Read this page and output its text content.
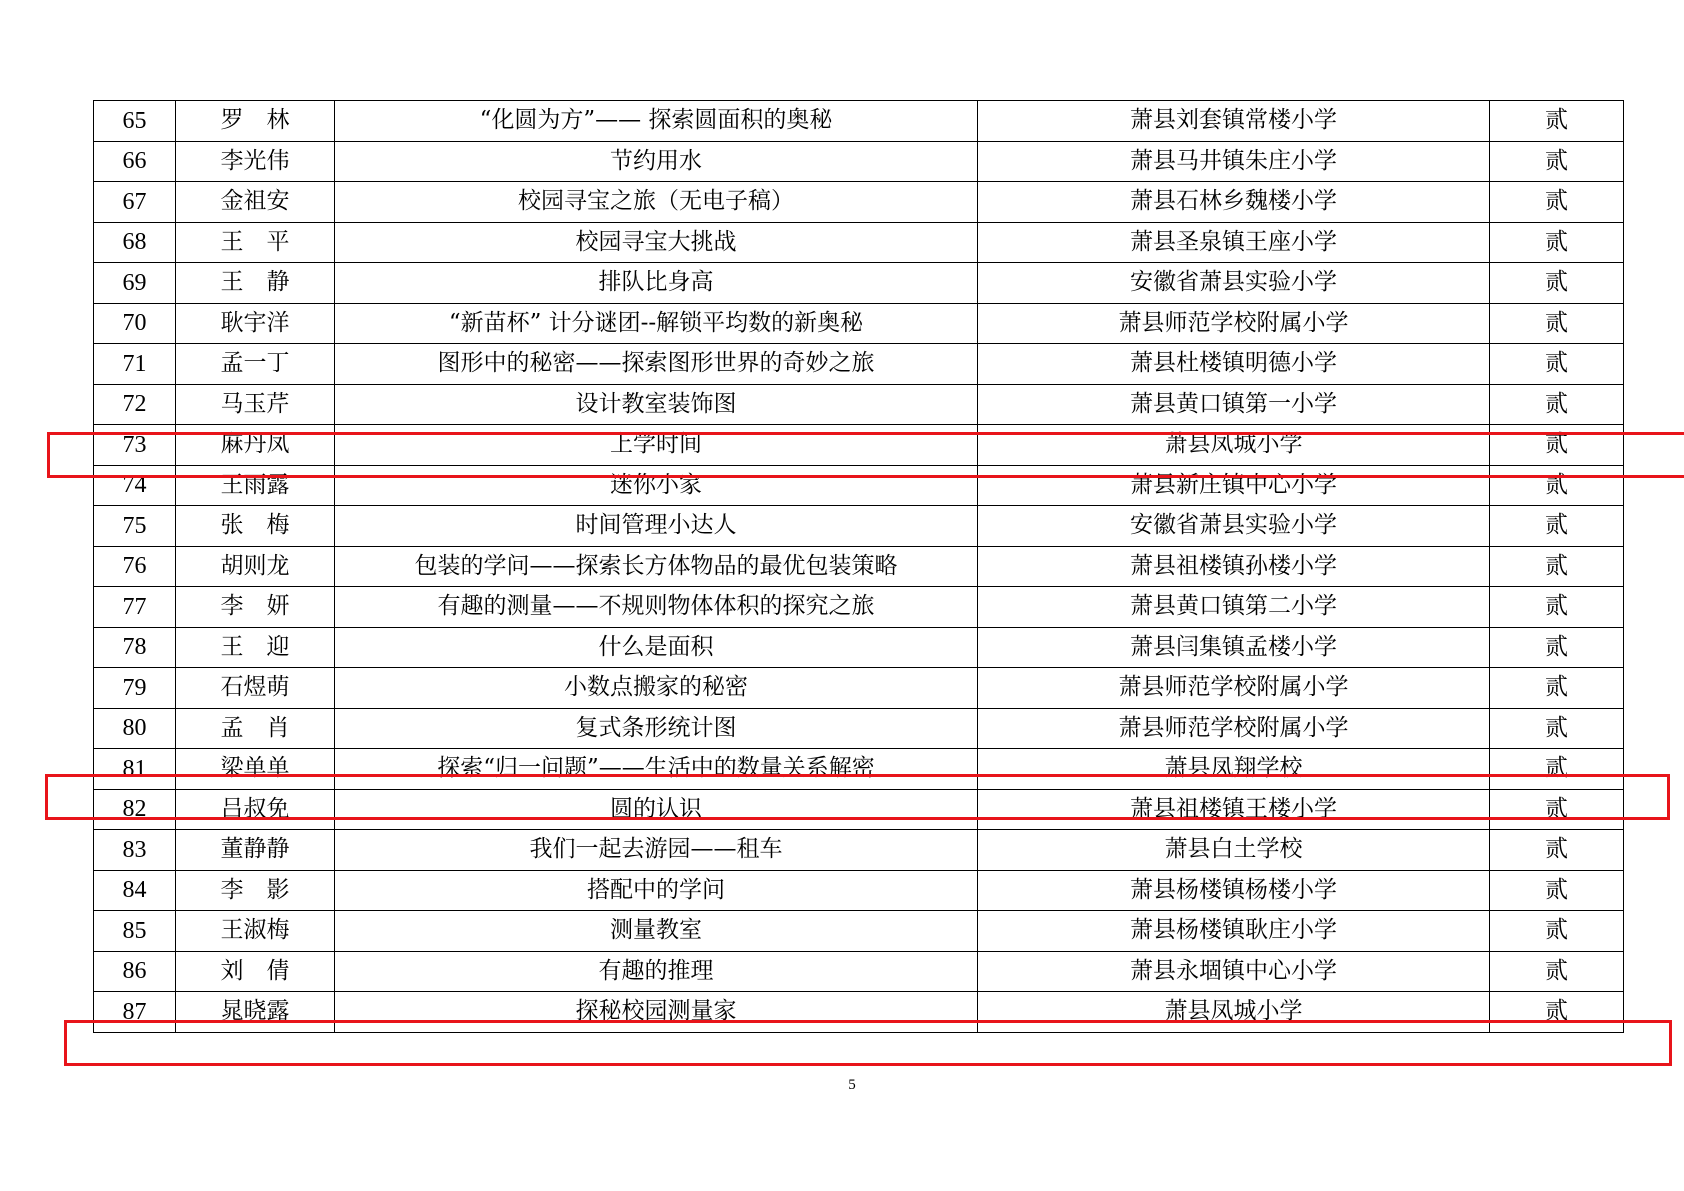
65	罗　林	“化圆为方”—— 探索圆面积的奥秘	萧县刘套镇常楼小学	贰
66	李光伟	节约用水	萧县马井镇朱庄小学	贰
67	金祖安	校园寻宝之旅（无电子稿）	萧县石林乡魏楼小学	贰
68	王　平	校园寻宝大挑战	萧县圣泉镇王座小学	贰
69	王　静	排队比身高	安徽省萧县实验小学	贰
70	耿宇洋	“新苗杯” 计分谜团--解锁平均数的新奥秘	萧县师范学校附属小学	贰
71	孟一丁	图形中的秘密——探索图形世界的奇妙之旅	萧县杜楼镇明德小学	贰
72	马玉芹	设计教室装饰图	萧县黄口镇第一小学	贰
73	麻丹凤	上学时间	萧县凤城小学	贰
74	王雨露	迷你小家	萧县新庄镇中心小学	贰
75	张　梅	时间管理小达人	安徽省萧县实验小学	贰
76	胡则龙	包装的学问——探索长方体物品的最优包装策略	萧县祖楼镇孙楼小学	贰
77	李　妍	有趣的测量——不规则物体体积的探究之旅	萧县黄口镇第二小学	贰
78	王　迎	什么是面积	萧县闫集镇孟楼小学	贰
79	石煜萌	小数点搬家的秘密	萧县师范学校附属小学	贰
80	孟　肖	复式条形统计图	萧县师范学校附属小学	贰
81	梁单单	探索“归一问题”——生活中的数量关系解密	萧县凤翔学校	贰
82	吕叔免	圆的认识	萧县祖楼镇王楼小学	贰
83	董静静	我们一起去游园——租车	萧县白土学校	贰
84	李　影	搭配中的学问	萧县杨楼镇杨楼小学	贰
85	王淑梅	测量教室	萧县杨楼镇耿庄小学	贰
86	刘　倩	有趣的推理	萧县永堌镇中心小学	贰
87	晁晓露	探秘校园测量家	萧县凤城小学	贰
5
